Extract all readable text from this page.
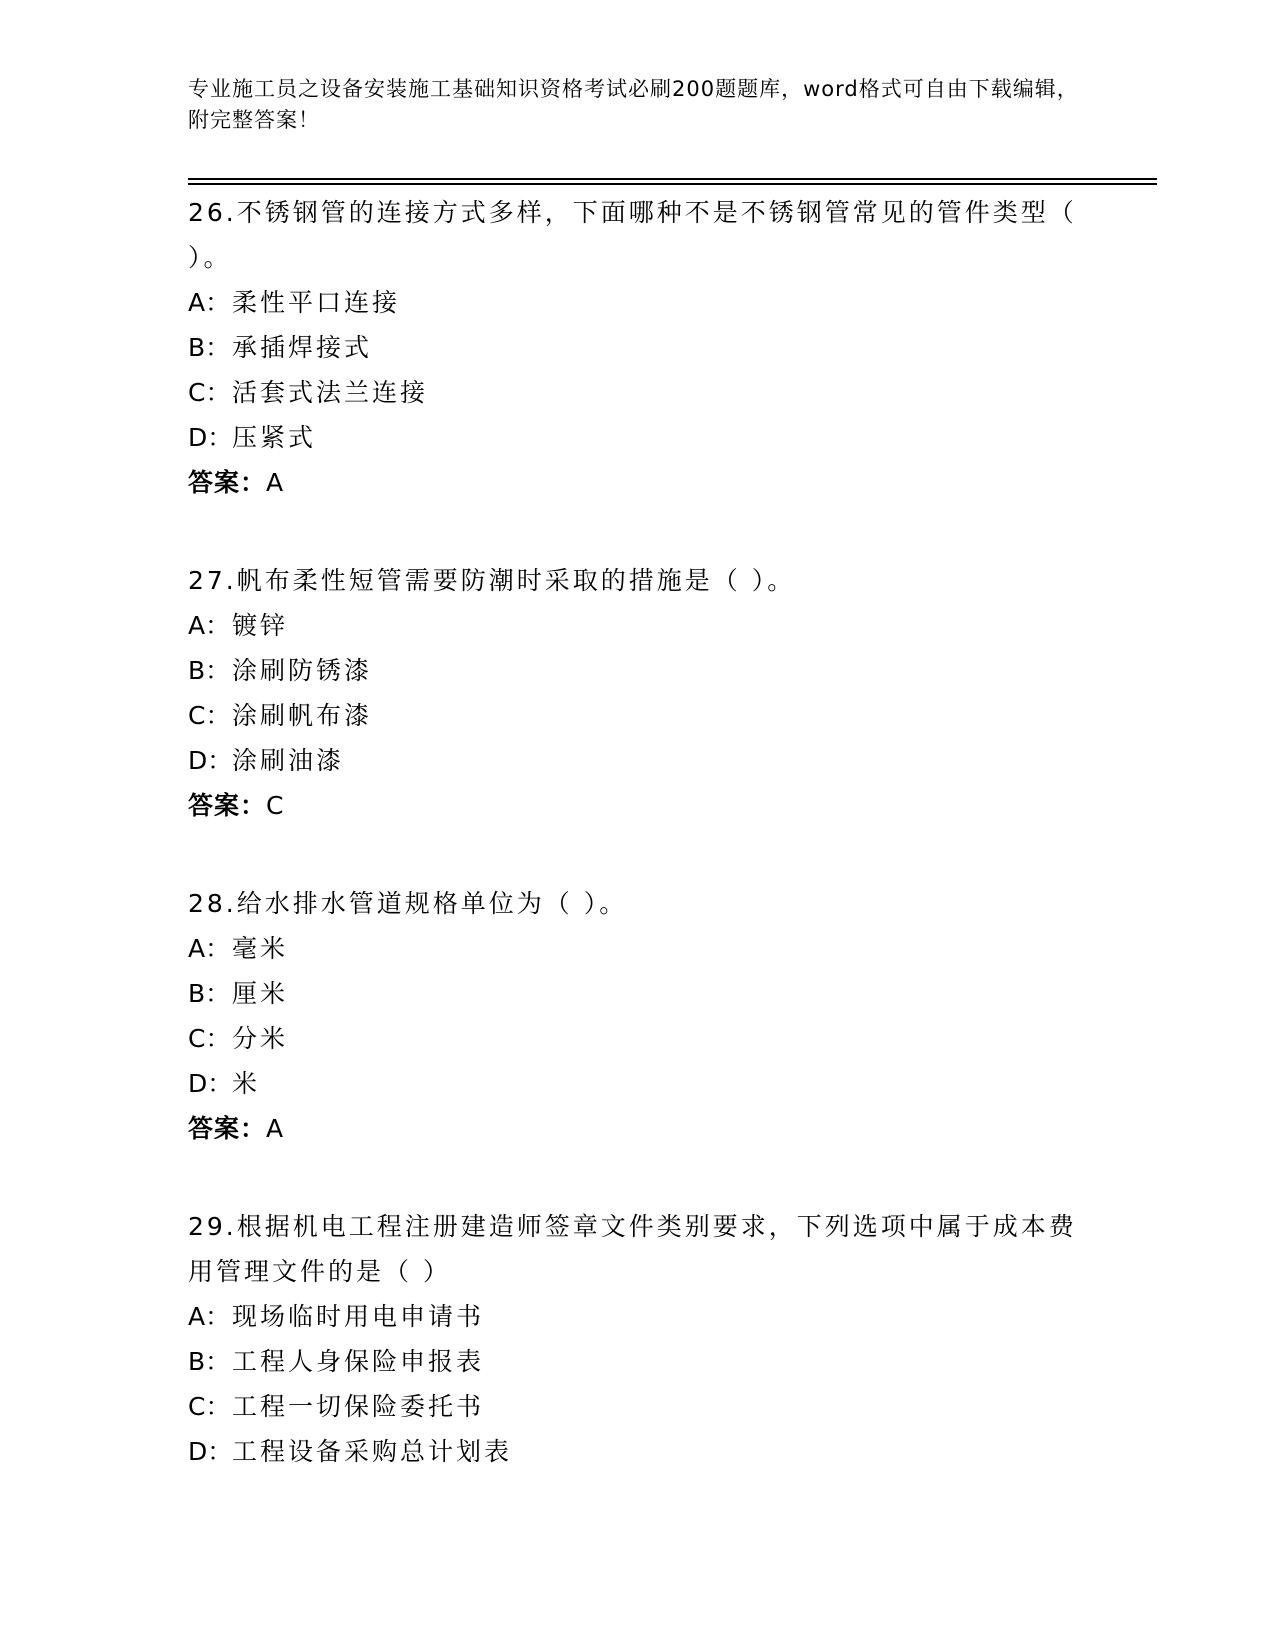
专业施工员之设备安装施工基础知识资格考试必刷200题题库，word格式可自由下载编辑，附完整答案！

26.不锈钢管的连接方式多样，下面哪种不是不锈钢管常见的管件类型（ ）。

A：柔性平口连接

B：承插焊接式

C：活套式法兰连接

D：压紧式

答案：A

27.帆布柔性短管需要防潮时采取的措施是（ ）。

A：镀锌

B：涂刷防锈漆

C：涂刷帆布漆

D：涂刷油漆

答案：C

28.给水排水管道规格单位为（ ）。

A：毫米

B：厘米

C：分米

D：米

答案：A

29.根据机电工程注册建造师签章文件类别要求，下列选项中属于成本费用管理文件的是（ ）

A：现场临时用电申请书

B：工程人身保险申报表

C：工程一切保险委托书

D：工程设备采购总计划表
